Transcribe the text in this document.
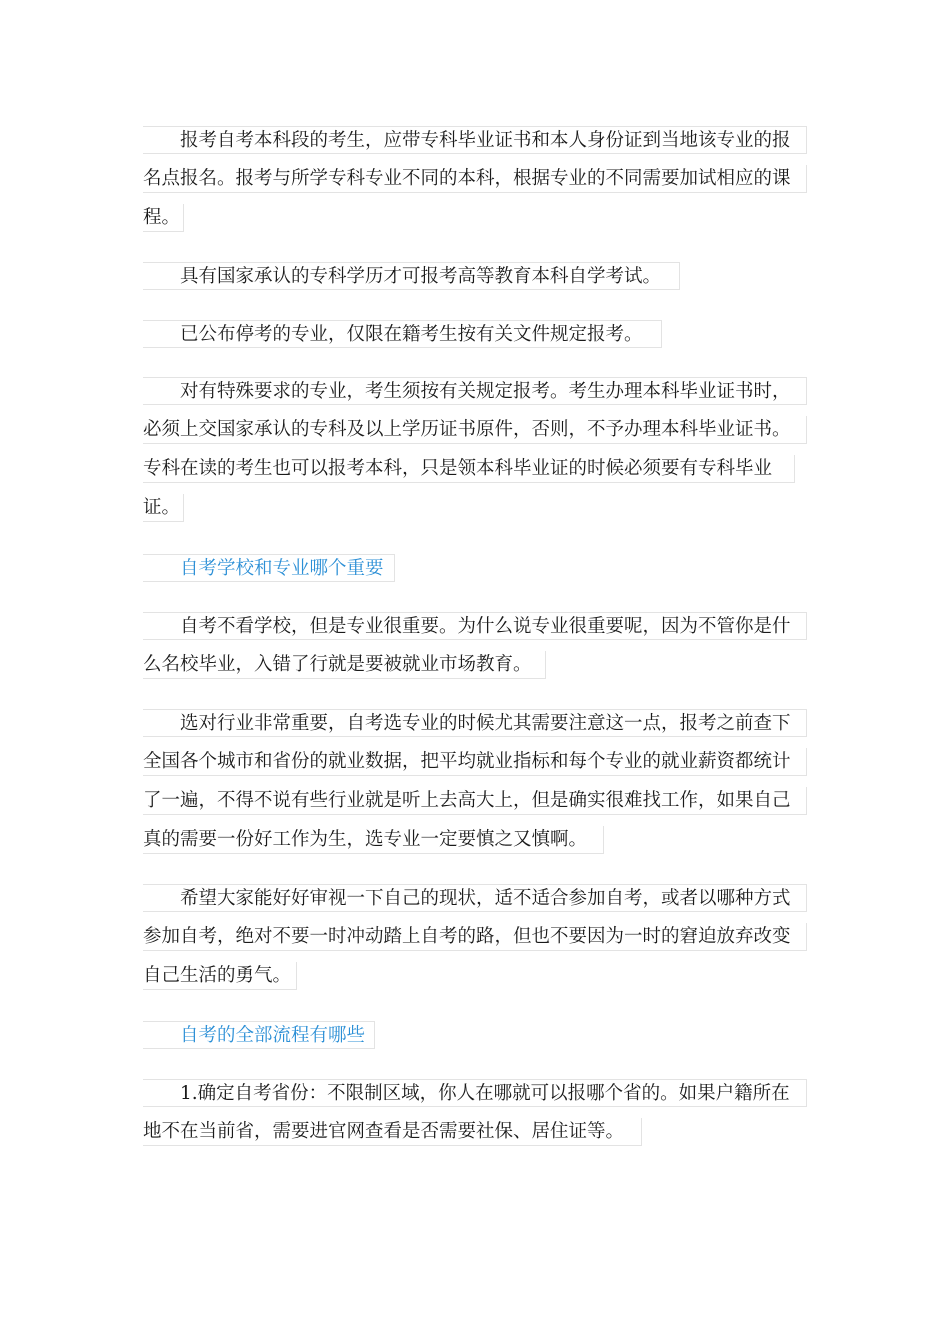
报考自考本科段的考生，应带专科毕业证书和本人身份证到当地该专业的报
名点报名。报考与所学专科专业不同的本科，根据专业的不同需要加试相应的课
程。
具有国家承认的专科学历才可报考高等教育本科自学考试。
已公布停考的专业，仅限在籍考生按有关文件规定报考。
对有特殊要求的专业，考生须按有关规定报考。考生办理本科毕业证书时，
必须上交国家承认的专科及以上学历证书原件，否则，不予办理本科毕业证书。
专科在读的考生也可以报考本科，只是领本科毕业证的时候必须要有专科毕业
证。
自考学校和专业哪个重要
自考不看学校，但是专业很重要。为什么说专业很重要呢，因为不管你是什
么名校毕业，入错了行就是要被就业市场教育。
选对行业非常重要，自考选专业的时候尤其需要注意这一点，报考之前查下
全国各个城市和省份的就业数据，把平均就业指标和每个专业的就业薪资都统计
了一遍，不得不说有些行业就是听上去高大上，但是确实很难找工作，如果自己
真的需要一份好工作为生，选专业一定要慎之又慎啊。
希望大家能好好审视一下自己的现状，适不适合参加自考，或者以哪种方式
参加自考，绝对不要一时冲动踏上自考的路，但也不要因为一时的窘迫放弃改变
自己生活的勇气。
自考的全部流程有哪些
1.确定自考省份：不限制区域，你人在哪就可以报哪个省的。如果户籍所在
地不在当前省，需要进官网查看是否需要社保、居住证等。
